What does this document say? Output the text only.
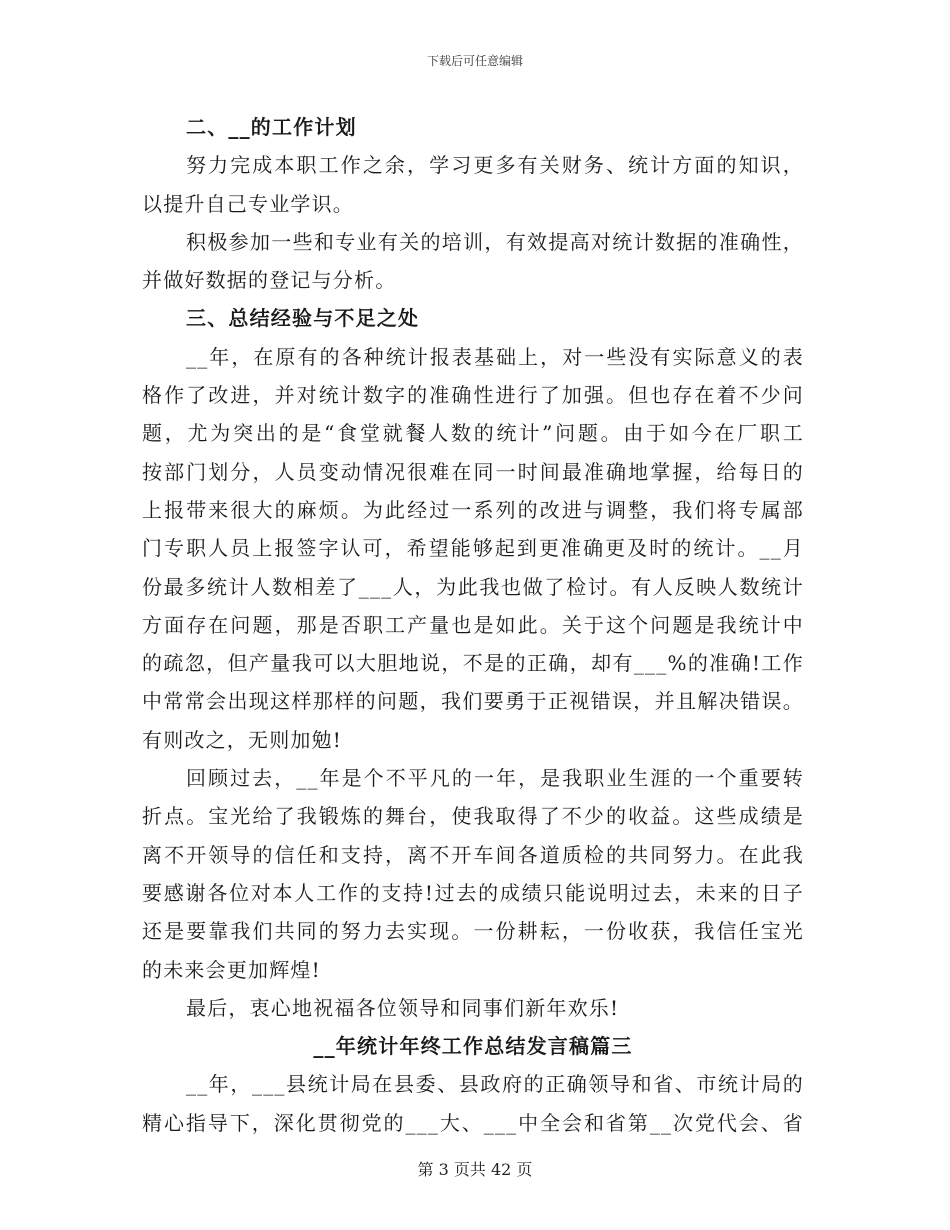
下载后可任意编辑
二、__的工作计划
努力完成本职工作之余，学习更多有关财务、统计方面的知识，
以提升自己专业学识。
积极参加一些和专业有关的培训，有效提高对统计数据的准确性，
并做好数据的登记与分析。
三、总结经验与不足之处
__年，在原有的各种统计报表基础上，对一些没有实际意义的表
格作了改进，并对统计数字的准确性进行了加强。但也存在着不少问
题，尤为突出的是“食堂就餐人数的统计”问题。由于如今在厂职工
按部门划分，人员变动情况很难在同一时间最准确地掌握，给每日的
上报带来很大的麻烦。为此经过一系列的改进与调整，我们将专属部
门专职人员上报签字认可，希望能够起到更准确更及时的统计。__月
份最多统计人数相差了___人，为此我也做了检讨。有人反映人数统计
方面存在问题，那是否职工产量也是如此。关于这个问题是我统计中
的疏忽，但产量我可以大胆地说，不是的正确，却有___%的准确!工作
中常常会出现这样那样的问题，我们要勇于正视错误，并且解决错误。
有则改之，无则加勉!
回顾过去，__年是个不平凡的一年，是我职业生涯的一个重要转
折点。宝光给了我锻炼的舞台，使我取得了不少的收益。这些成绩是
离不开领导的信任和支持，离不开车间各道质检的共同努力。在此我
要感谢各位对本人工作的支持!过去的成绩只能说明过去，未来的日子
还是要靠我们共同的努力去实现。一份耕耘，一份收获，我信任宝光
的未来会更加辉煌!
最后，衷心地祝福各位领导和同事们新年欢乐!
__年统计年终工作总结发言稿篇三
__年，___县统计局在县委、县政府的正确领导和省、市统计局的
精心指导下，深化贯彻党的___大、___中全会和省第__次党代会、省
第 3 页共 42 页
